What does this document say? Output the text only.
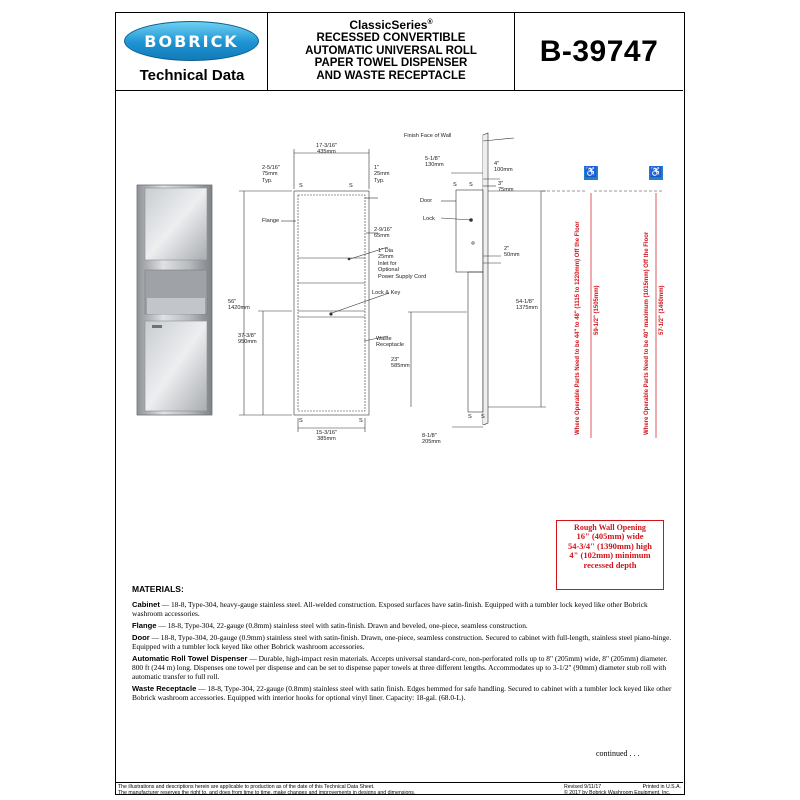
BOBRICK
Technical Data
ClassicSeries®
RECESSED CONVERTIBLE
AUTOMATIC UNIVERSAL ROLL
PAPER TOWEL DISPENSER
AND WASTE RECEPTACLE
B-39747
Finish Face of Wall
17-3/16"
435mm
2-5/16"
75mm
Typ.
1"
25mm
Typ.
S	S
Flange
2-9/16"
65mm
1" Dia
25mm
Inlet for
Optional
Power Supply Cord
Lock & Key
Waste
Receptacle
56"
1420mm
37-3/8"
950mm
S	S
15-3/16"
385mm
5-1/8"
130mm	4"
100mm
3"
75mm
S S
Door
Lock
2"
50mm
54-1/8"
1375mm
23"
585mm
S S
8-1/8"
205mm
♿	♿
Where Operable Parts Need to be 44" to 48" (1115 to 1220mm) Off the Floor 59-1/2" (1505mm)	Where Operable Parts Need to be 40" maximum (1015mm) Off the Floor 57-1/2" (1460mm)
Rough Wall Opening
16" (405mm) wide
54-3/4" (1390mm) high
4" (102mm) minimum
recessed depth
MATERIALS:

Cabinet — 18-8, Type-304, heavy-gauge stainless steel. All-welded construction. Exposed surfaces have satin-finish. Equipped with a tumbler lock keyed like other Bobrick washroom accessories.

Flange — 18-8, Type-304, 22-gauge (0.8mm) stainless steel with satin-finish. Drawn and beveled, one-piece, seamless construction.

Door — 18-8, Type-304, 20-gauge (0.9mm) stainless steel with satin-finish. Drawn, one-piece, seamless construction. Secured to cabinet with full-length, stainless steel piano-hinge. Equipped with a tumbler lock keyed like other Bobrick washroom accessories.

Automatic Roll Towel Dispenser — Durable, high-impact resin materials. Accepts universal standard-core, non-perforated rolls up to 8" (205mm) wide, 8" (205mm) diameter. 800 ft (244 m) long. Dispenses one towel per dispense and can be set to dispense paper towels at three different lengths. Accommodates up to 3-1/2" (90mm) diameter stub roll with automatic transfer to full roll.

Waste Receptacle — 18-8, Type-304, 22-gauge (0.8mm) stainless steel with satin finish. Edges hemmed for safe handling. Secured to cabinet with a tumbler lock keyed like other Bobrick washroom accessories. Equipped with interior hooks for optional vinyl liner. Capacity: 18-gal. (68.0-L).

continued . . .
The illustrations and descriptions herein are applicable to production as of the date of this Technical Data Sheet.
The manufacturer reserves the right to, and does from time to time, make changes and improvements in designs and dimensions.
Revised 9/11/17
© 2017 by Bobrick Washroom Equipment, Inc.
Printed in U.S.A.
